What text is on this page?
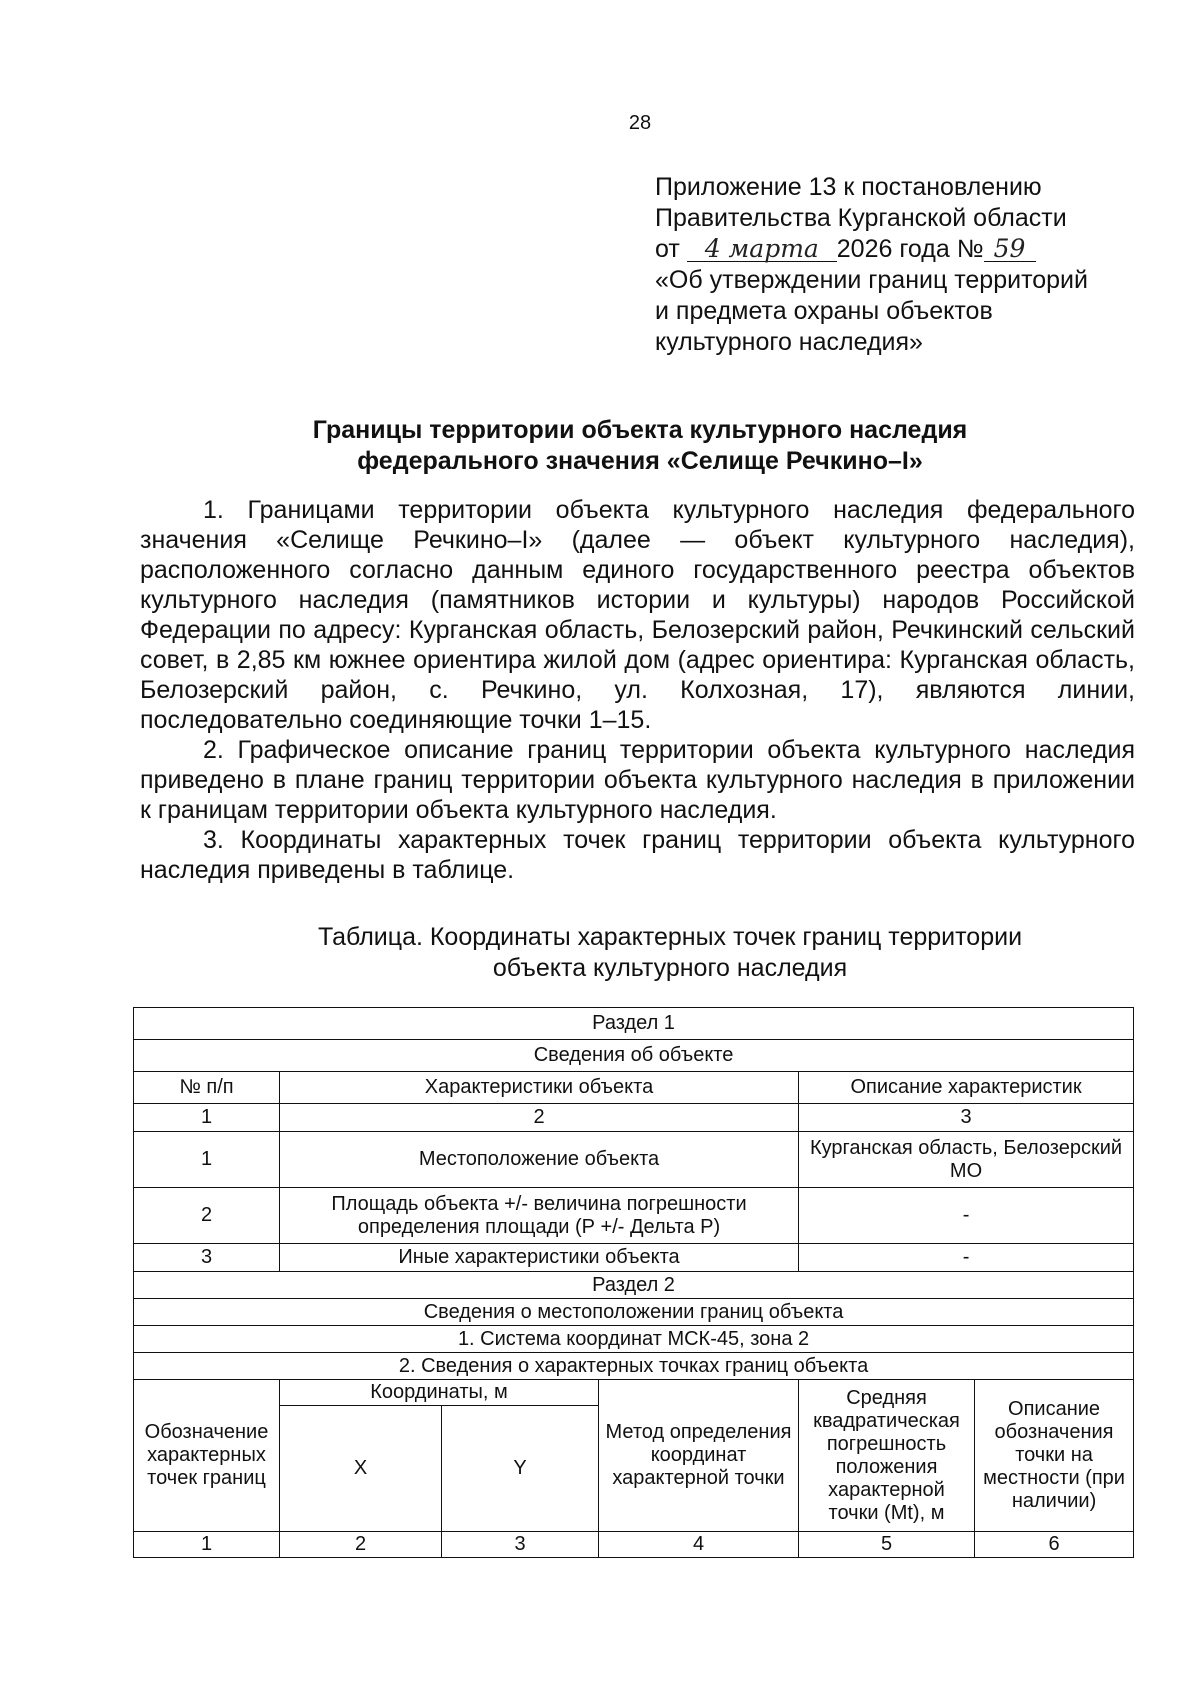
28
Приложение 13 к постановлению
Правительства Курганской области
от 4 марта 2026 года № 59
«Об утверждении границ территорий
и предмета охраны объектов
культурного наследия»
Границы территории объекта культурного наследия
федерального значения «Селище Речкино–I»

1. Границами территории объекта культурного наследия федерального значения «Селище Речкино–I» (далее — объект культурного наследия), расположенного согласно данным единого государственного реестра объектов культурного наследия (памятников истории и культуры) народов Российской Федерации по адресу: Курганская область, Белозерский район, Речкинский сельский совет, в 2,85 км южнее ориентира жилой дом (адрес ориентира: Курганская область, Белозерский район, с. Речкино, ул. Колхозная, 17), являются линии, последовательно соединяющие точки 1–15.

2. Графическое описание границ территории объекта культурного наследия приведено в плане границ территории объекта культурного наследия в приложении к границам территории объекта культурного наследия.

3. Координаты характерных точек границ территории объекта культурного наследия приведены в таблице.

Таблица. Координаты характерных точек границ территории
объекта культурного наследия
Раздел 1					
Сведения об объекте					
№ п/п	Характеристики объекта			Описание характеристик	
1	2			3	
1	Местоположение объекта			Курганская область, Белозерский МО	
2	Площадь объекта +/- величина погрешности определения площади (Р +/- Дельта Р)			-	
3	Иные характеристики объекта			-	
Раздел 2					
Сведения о местоположении границ объекта					
1. Система координат МСК-45, зона 2					
2. Сведения о характерных точках границ объекта					
Обозначение характерных точек границ	Координаты, м		Метод определения координат характерной точки	Средняя квадратическая погрешность положения характерной точки (Mt), м	Описание обозначения точки на местности (при наличии)
	X	Y			
1	2	3	4	5	6
